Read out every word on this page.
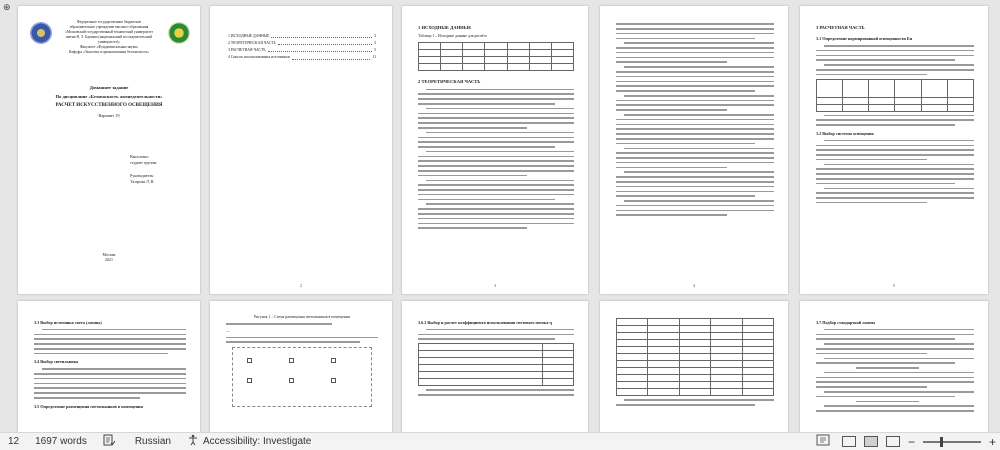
⊕
Федеральное государственное бюджетное
образовательное учреждение высшего образования
«Московский государственный технический университет
имени Н. Э. Баумана (национальный исследовательский
университет)»
Факультет «Фундаментальные науки»
Кафедра «Экология и промышленная безопасность»
Домашнее задание
По дисциплине «Безопасность жизнедеятельности»
РАСЧЕТ ИСКУССТВЕННОГО ОСВЕЩЕНИЯ
Вариант 19
Выполнил:
студент группы
Руководитель:
Тазарова Л. В.
Москва
2021
1 ИСХОДНЫЕ ДАННЫЕ	3
2 ТЕОРЕТИЧЕСКАЯ ЧАСТЬ	3
3 РАСЧЕТНАЯ ЧАСТЬ	5
4 Список использованных источников	11
2
1 ИСХОДНЫЕ ДАННЫЕ
Таблица 1 – Исходные данные для расчёта

2 ТЕОРЕТИЧЕСКАЯ ЧАСТЬ
3	4
3 РАСЧЕТНАЯ ЧАСТЬ
3.1 Определение нормированной освещенности Ен

3.2 Выбор системы освещения
5
3.3 Выбор источника света (лампы)
3.4 Выбор светильника
3.5 Определение размещения светильников в помещении
Рисунок 1 – Схема размещения светильников в помещении
—
3.6.2 Выбор и расчет коэффициента использования светового потока η

					3.7 Подбор стандартной лампы
12 1697 words	Russian	Accessibility: Investigate	−	+
